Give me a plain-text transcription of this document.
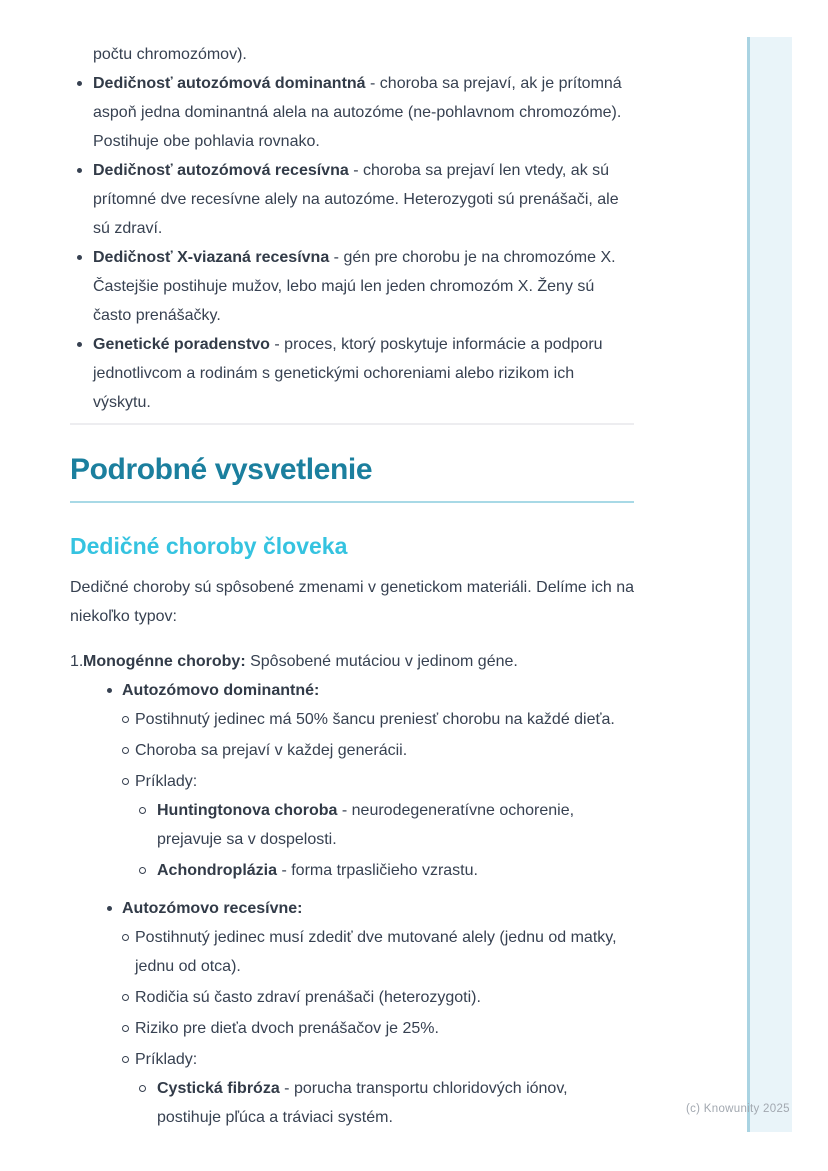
(c) Knowunity 2025

počtu chromozómov).

Dedičnosť autozómová dominantná - choroba sa prejaví, ak je prítomná aspoň jedna dominantná alela na autozóme (ne-pohlavnom chromozóme). Postihuje obe pohlavia rovnako.
Dedičnosť autozómová recesívna - choroba sa prejaví len vtedy, ak sú prítomné dve recesívne alely na autozóme. Heterozygoti sú prenášači, ale sú zdraví.
Dedičnosť X-viazaná recesívna - gén pre chorobu je na chromozóme X. Častejšie postihuje mužov, lebo majú len jeden chromozóm X. Ženy sú často prenášačky.
Genetické poradenstvo - proces, ktorý poskytuje informácie a podporu jednotlivcom a rodinám s genetickými ochoreniami alebo rizikom ich výskytu.
Podrobné vysvetlenie
Dedičné choroby človeka

Dedičné choroby sú spôsobené zmenami v genetickom materiáli. Delíme ich na niekoľko typov:

1. Monogénne choroby: Spôsobené mutáciou v jedinom géne.
Autozómovo dominantné:
Postihnutý jedinec má 50% šancu preniesť chorobu na každé dieťa.
Choroba sa prejaví v každej generácii.
Príklady:
Huntingtonova choroba - neurodegeneratívne ochorenie, prejavuje sa v dospelosti.
Achondroplázia - forma trpasličieho vzrastu.
Autozómovo recesívne:
Postihnutý jedinec musí zdediť dve mutované alely (jednu od matky, jednu od otca).
Rodičia sú často zdraví prenášači (heterozygoti).
Riziko pre dieťa dvoch prenášačov je 25%.
Príklady:
Cystická fibróza - porucha transportu chloridových iónov, postihuje pľúca a tráviaci systém.
